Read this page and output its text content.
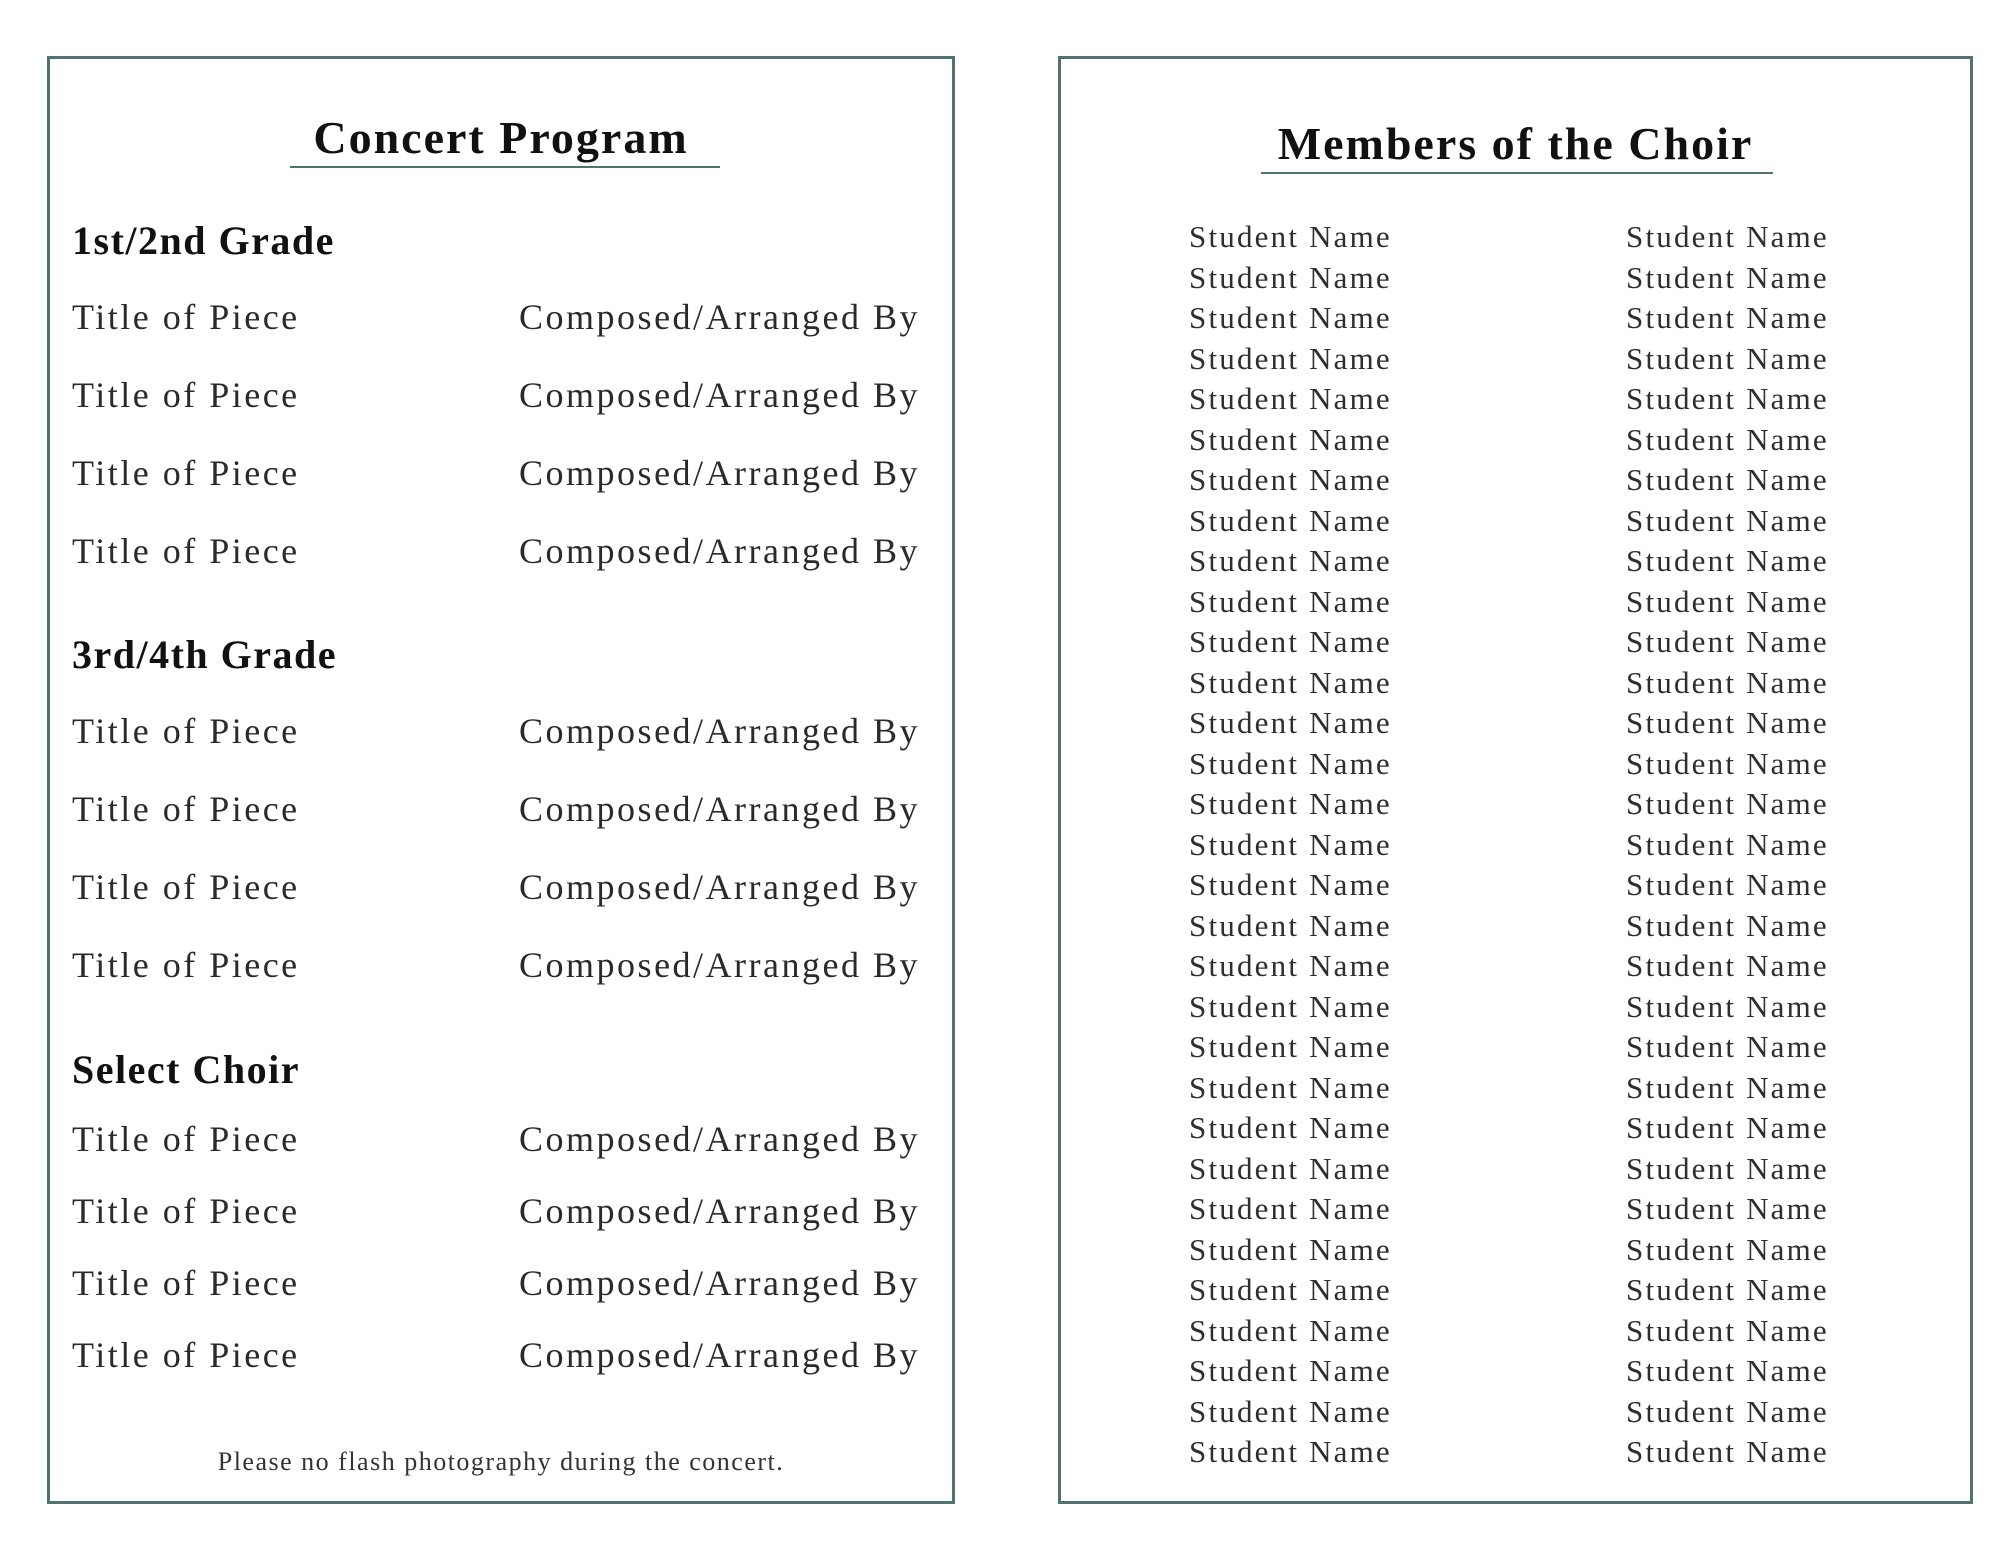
Concert Program
1st/2nd Grade
Title of Piece	Composed/Arranged By
Title of Piece	Composed/Arranged By
Title of Piece	Composed/Arranged By
Title of Piece	Composed/Arranged By
3rd/4th Grade
Title of Piece	Composed/Arranged By
Title of Piece	Composed/Arranged By
Title of Piece	Composed/Arranged By
Title of Piece	Composed/Arranged By
Select Choir
Title of Piece	Composed/Arranged By
Title of Piece	Composed/Arranged By
Title of Piece	Composed/Arranged By
Title of Piece	Composed/Arranged By
Please no flash photography during the concert.
Members of the Choir
Student Name
Student Name
Student Name
Student Name
Student Name
Student Name
Student Name
Student Name
Student Name
Student Name
Student Name
Student Name
Student Name
Student Name
Student Name
Student Name
Student Name
Student Name
Student Name
Student Name
Student Name
Student Name
Student Name
Student Name
Student Name
Student Name
Student Name
Student Name
Student Name
Student Name
Student Name
Student Name
Student Name
Student Name
Student Name
Student Name
Student Name
Student Name
Student Name
Student Name
Student Name
Student Name
Student Name
Student Name
Student Name
Student Name
Student Name
Student Name
Student Name
Student Name
Student Name
Student Name
Student Name
Student Name
Student Name
Student Name
Student Name
Student Name
Student Name
Student Name
Student Name
Student Name
